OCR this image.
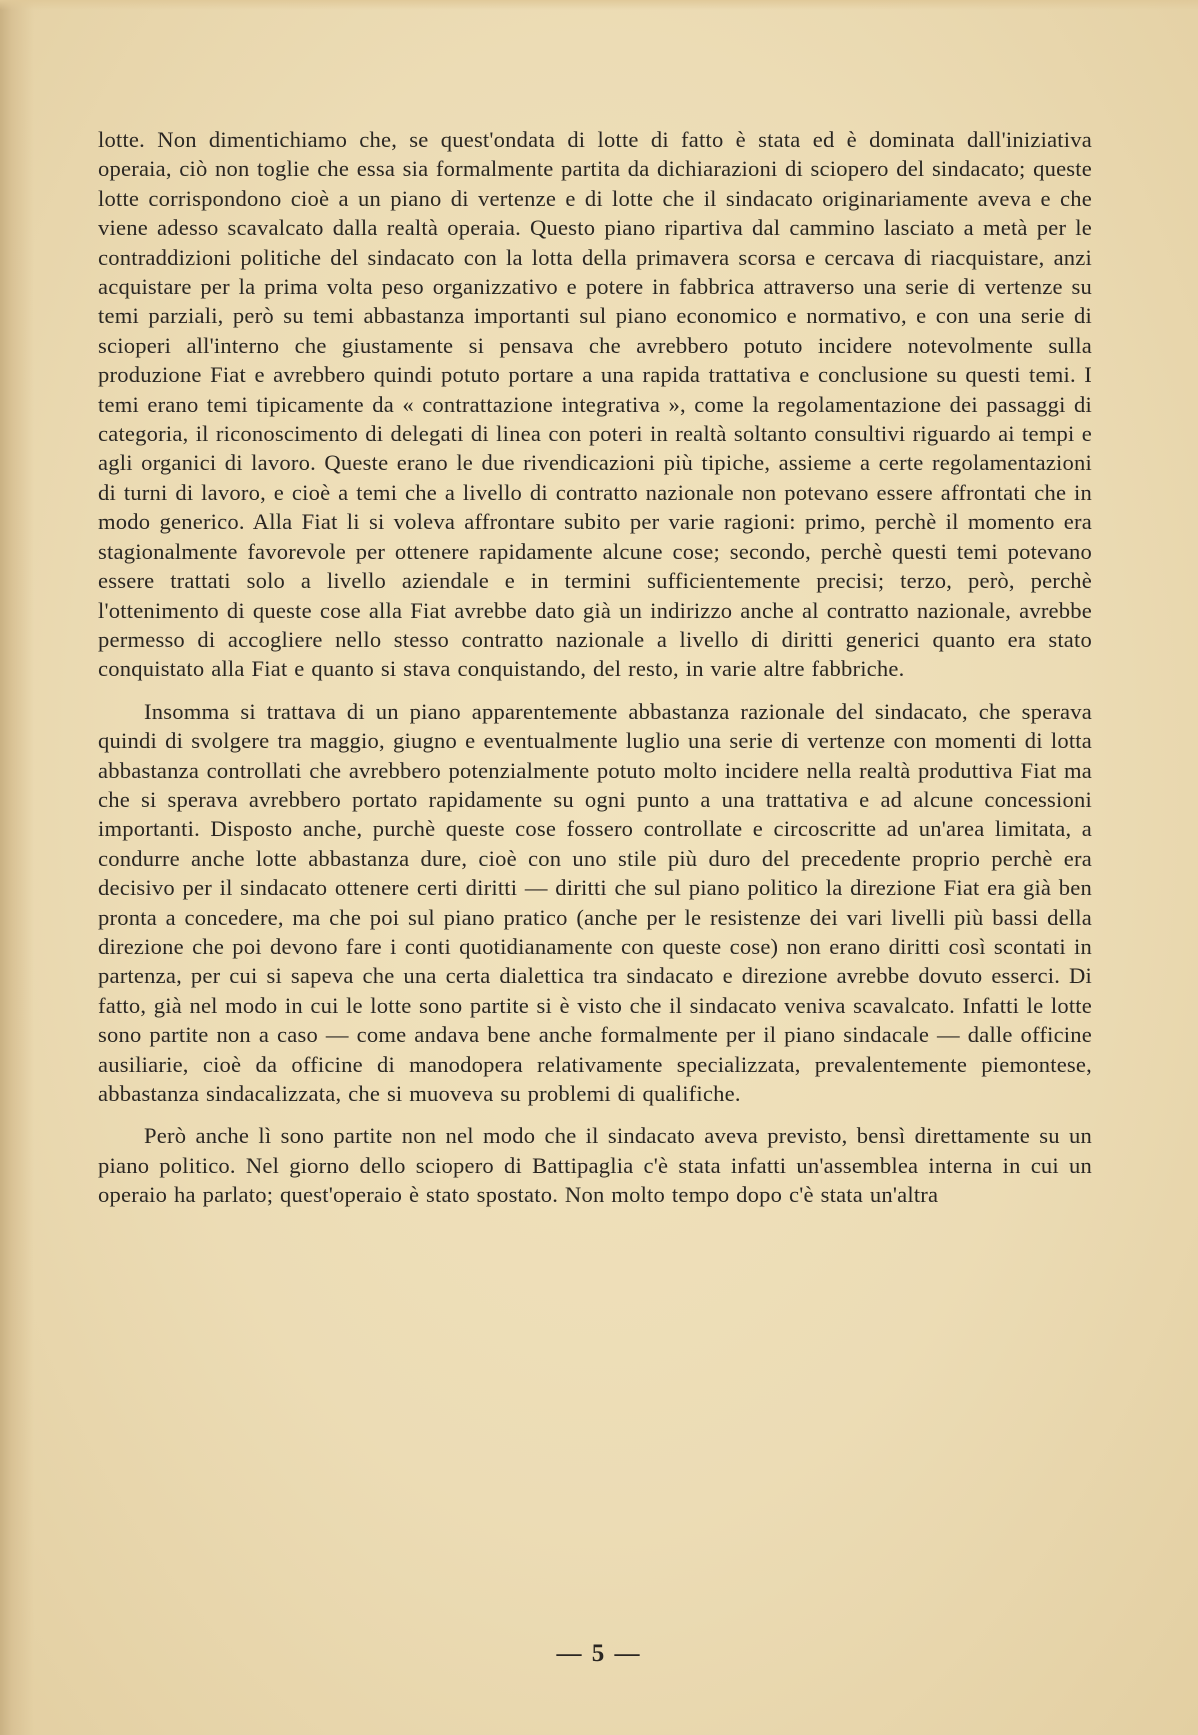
lotte. Non dimentichiamo che, se quest'ondata di lotte di fatto è stata ed è dominata dall'iniziativa operaia, ciò non toglie che essa sia formalmente partita da dichiarazioni di sciopero del sindacato; queste lotte corrispondono cioè a un piano di vertenze e di lotte che il sindacato originariamente aveva e che viene adesso scavalcato dalla realtà operaia. Questo piano ripartiva dal cammino lasciato a metà per le contraddizioni politiche del sindacato con la lotta della primavera scorsa e cercava di riacquistare, anzi acquistare per la prima volta peso organizzativo e potere in fabbrica attraverso una serie di vertenze su temi parziali, però su temi abbastanza importanti sul piano economico e normativo, e con una serie di scioperi all'interno che giustamente si pensava che avrebbero potuto incidere notevolmente sulla produzione Fiat e avrebbero quindi potuto portare a una rapida trattativa e conclusione su questi temi. I temi erano temi tipicamente da « contrattazione integrativa », come la regolamentazione dei passaggi di categoria, il riconoscimento di delegati di linea con poteri in realtà soltanto consultivi riguardo ai tempi e agli organici di lavoro. Queste erano le due rivendicazioni più tipiche, assieme a certe regolamentazioni di turni di lavoro, e cioè a temi che a livello di contratto nazionale non potevano essere affrontati che in modo generico. Alla Fiat li si voleva affrontare subito per varie ragioni: primo, perchè il momento era stagionalmente favorevole per ottenere rapidamente alcune cose; secondo, perchè questi temi potevano essere trattati solo a livello aziendale e in termini sufficientemente precisi; terzo, però, perchè l'ottenimento di queste cose alla Fiat avrebbe dato già un indirizzo anche al contratto nazionale, avrebbe permesso di accogliere nello stesso contratto nazionale a livello di diritti generici quanto era stato conquistato alla Fiat e quanto si stava conquistando, del resto, in varie altre fabbriche.

Insomma si trattava di un piano apparentemente abbastanza razionale del sindacato, che sperava quindi di svolgere tra maggio, giugno e eventualmente luglio una serie di vertenze con momenti di lotta abbastanza controllati che avrebbero potenzialmente potuto molto incidere nella realtà produttiva Fiat ma che si sperava avrebbero portato rapidamente su ogni punto a una trattativa e ad alcune concessioni importanti. Disposto anche, purchè queste cose fossero controllate e circoscritte ad un'area limitata, a condurre anche lotte abbastanza dure, cioè con uno stile più duro del precedente proprio perchè era decisivo per il sindacato ottenere certi diritti — diritti che sul piano politico la direzione Fiat era già ben pronta a concedere, ma che poi sul piano pratico (anche per le resistenze dei vari livelli più bassi della direzione che poi devono fare i conti quotidianamente con queste cose) non erano diritti così scontati in partenza, per cui si sapeva che una certa dialettica tra sindacato e direzione avrebbe dovuto esserci. Di fatto, già nel modo in cui le lotte sono partite si è visto che il sindacato veniva scavalcato. Infatti le lotte sono partite non a caso — come andava bene anche formalmente per il piano sindacale — dalle officine ausiliarie, cioè da officine di manodopera relativamente specializzata, prevalentemente piemontese, abbastanza sindacalizzata, che si muoveva su problemi di qualifiche.

Però anche lì sono partite non nel modo che il sindacato aveva previsto, bensì direttamente su un piano politico. Nel giorno dello sciopero di Battipaglia c'è stata infatti un'assemblea interna in cui un operaio ha parlato; quest'operaio è stato spostato. Non molto tempo dopo c'è stata un'altra

— 5 —
